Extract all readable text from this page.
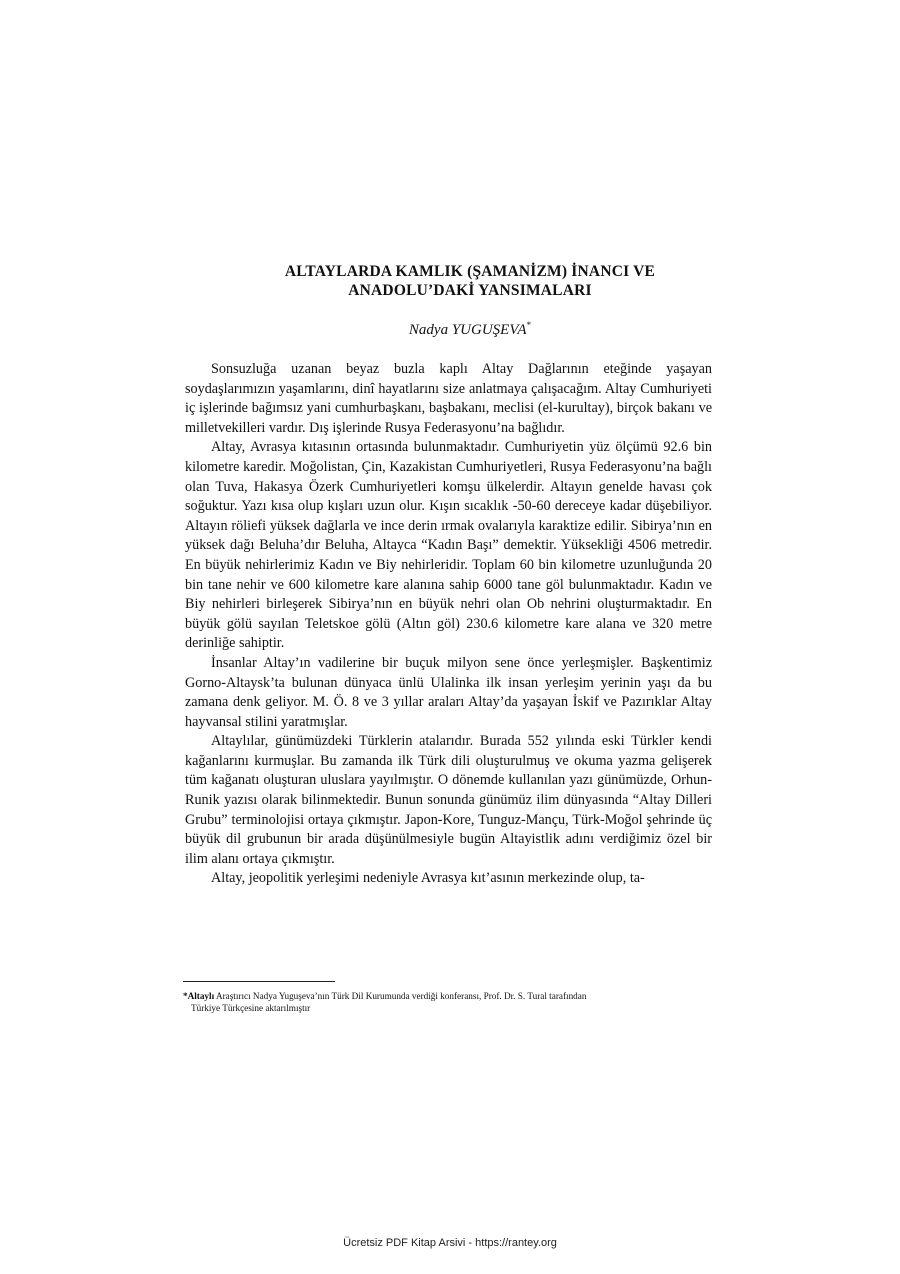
ALTAYLARDA KAMLIK (ŞAMANİZM) İNANCI VE
ANADOLU’DAKİ YANSIMALARI
Nadya YUGUŞEVA*

Sonsuzluğa uzanan beyaz buzla kaplı Altay Dağlarının eteğinde yaşayan soydaşlarımızın yaşamlarını, dinî hayatlarını size anlatmaya çalışacağım. Altay Cumhuriyeti iç işlerinde bağımsız yani cumhurbaşkanı, başbakanı, meclisi (el-kurultay), birçok bakanı ve milletvekilleri vardır. Dış işlerinde Rusya Federasyonu’na bağlıdır.

Altay, Avrasya kıtasının ortasında bulunmaktadır. Cumhuriyetin yüz ölçümü 92.6 bin kilometre karedir. Moğolistan, Çin, Kazakistan Cumhuriyetleri, Rusya Federasyonu’na bağlı olan Tuva, Hakasya Özerk Cumhuriyetleri komşu ülkelerdir. Altayın genelde havası çok soğuktur. Yazı kısa olup kışları uzun olur. Kışın sıcaklık -50-60 dereceye kadar düşebiliyor. Altayın röliefi yüksek dağlarla ve ince derin ırmak ovalarıyla karaktize edilir. Sibirya’nın en yüksek dağı Beluha’dır Beluha, Altayca “Kadın Başı” demektir. Yüksekliği 4506 metredir. En büyük nehirlerimiz Kadın ve Biy nehirleridir. Toplam 60 bin kilometre uzunluğunda 20 bin tane nehir ve 600 kilometre kare alanına sahip 6000 tane göl bulunmaktadır. Kadın ve Biy nehirleri birleşerek Sibirya’nın en büyük nehri olan Ob nehrini oluşturmaktadır. En büyük gölü sayılan Teletskoe gölü (Altın göl) 230.6 kilometre kare alana ve 320 metre derinliğe sahiptir.

İnsanlar Altay’ın vadilerine bir buçuk milyon sene önce yerleşmişler. Başkentimiz Gorno-Altaysk’ta bulunan dünyaca ünlü Ulalinka ilk insan yerleşim yerinin yaşı da bu zamana denk geliyor. M. Ö. 8 ve 3 yıllar araları Altay’da yaşayan İskif ve Pazırıklar Altay hayvansal stilini yaratmışlar.

Altaylılar, günümüzdeki Türklerin atalarıdır. Burada 552 yılında eski Türkler kendi kağanlarını kurmuşlar. Bu zamanda ilk Türk dili oluşturulmuş ve okuma yazma gelişerek tüm kağanatı oluşturan uluslara yayılmıştır. O dönemde kullanılan yazı günümüzde, Orhun-Runik yazısı olarak bilinmektedir. Bunun sonunda günümüz ilim dünyasında “Altay Dilleri Grubu” terminolojisi ortaya çıkmıştır. Japon-Kore, Tunguz-Mançu, Türk-Moğol şehrinde üç büyük dil grubunun bir arada düşünülmesiyle bugün Altayistlik adını verdiğimiz özel bir ilim alanı ortaya çıkmıştır.

Altay, jeopolitik yerleşimi nedeniyle Avrasya kıt’asının merkezinde olup, ta-

*Altaylı Araştırıcı Nadya Yuguşeva’nın Türk Dil Kurumunda verdiği konferansı, Prof. Dr. S. Tural tarafından
Türkiye Türkçesine aktarılmıştır
Ücretsiz PDF Kitap Arsivi - https://rantey.org
